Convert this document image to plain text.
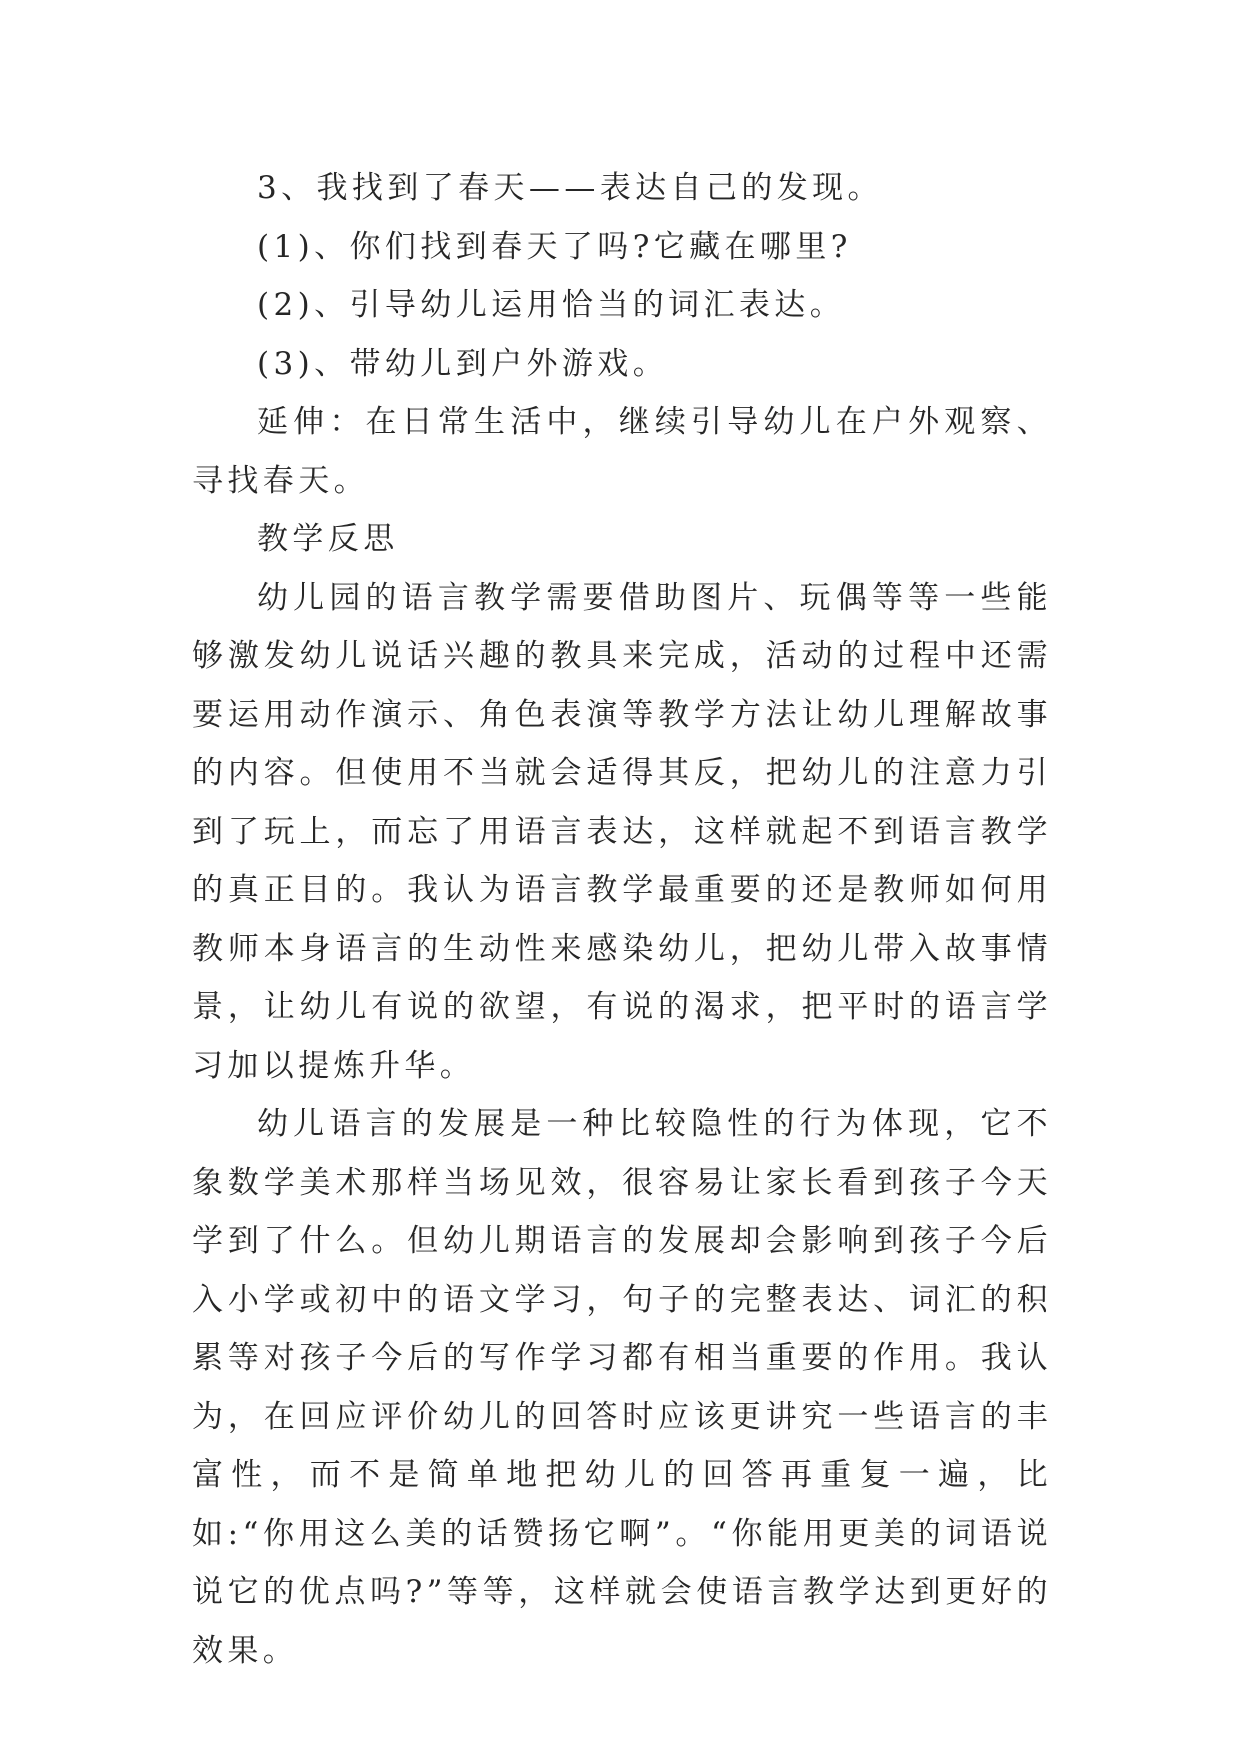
3、我找到了春天——表达自己的发现。

(1)、你们找到春天了吗?它藏在哪里?

(2)、引导幼儿运用恰当的词汇表达。

(3)、带幼儿到户外游戏。

延伸：在日常生活中，继续引导幼儿在户外观察、寻找春天。

教学反思

幼儿园的语言教学需要借助图片、玩偶等等一些能够激发幼儿说话兴趣的教具来完成，活动的过程中还需要运用动作演示、角色表演等教学方法让幼儿理解故事的内容。但使用不当就会适得其反，把幼儿的注意力引到了玩上，而忘了用语言表达，这样就起不到语言教学的真正目的。我认为语言教学最重要的还是教师如何用教师本身语言的生动性来感染幼儿，把幼儿带入故事情景，让幼儿有说的欲望，有说的渴求，把平时的语言学习加以提炼升华。

幼儿语言的发展是一种比较隐性的行为体现，它不象数学美术那样当场见效，很容易让家长看到孩子今天学到了什么。但幼儿期语言的发展却会影响到孩子今后入小学或初中的语文学习，句子的完整表达、词汇的积累等对孩子今后的写作学习都有相当重要的作用。我认为，在回应评价幼儿的回答时应该更讲究一些语言的丰富性，而不是简单地把幼儿的回答再重复一遍，比如:“你用这么美的话赞扬它啊”。“你能用更美的词语说说它的优点吗?”等等，这样就会使语言教学达到更好的效果。
